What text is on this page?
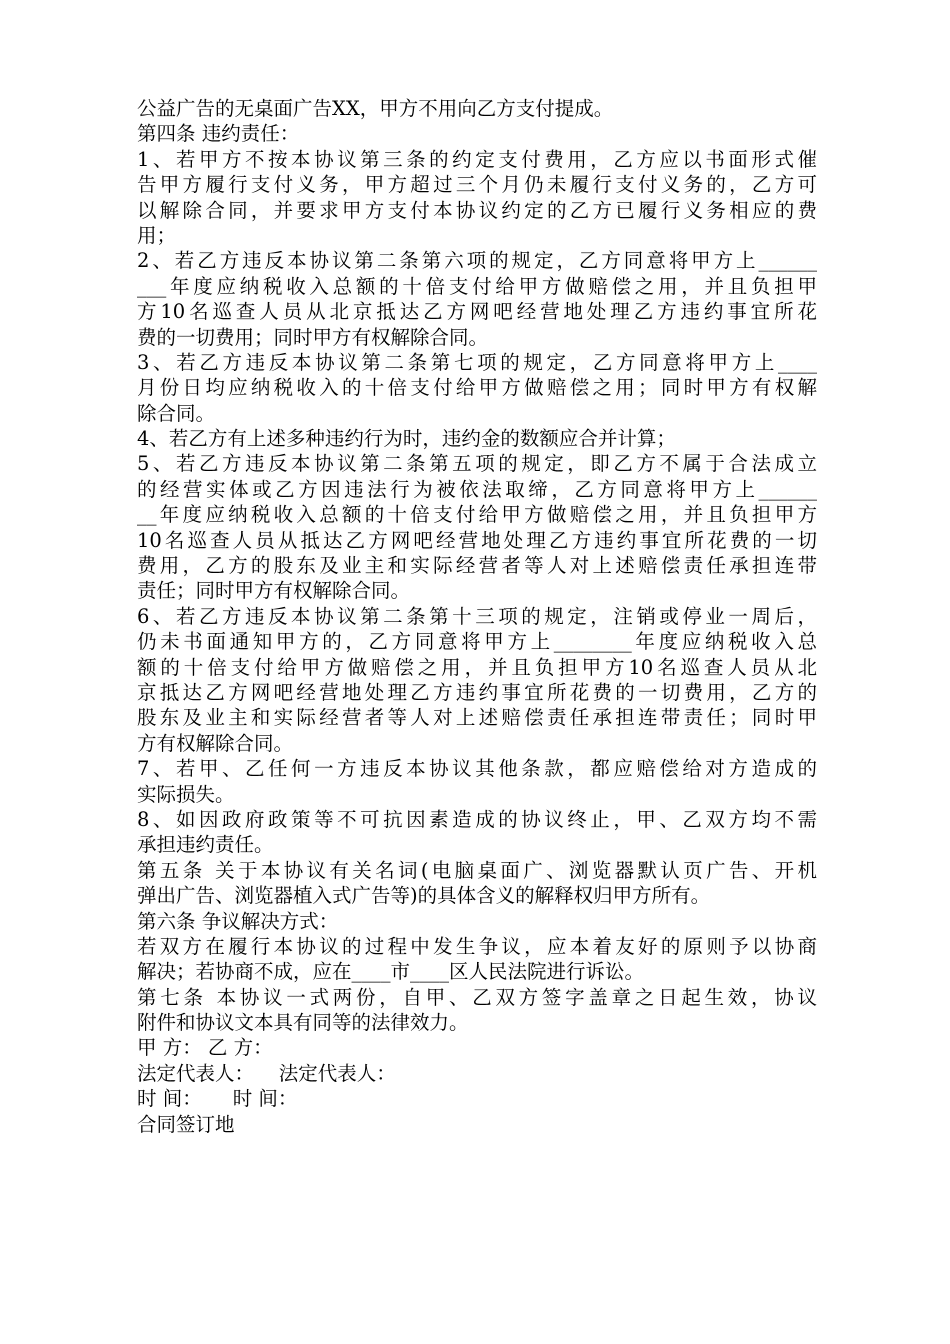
公益广告的无桌面广告XX，甲方不用向乙方支付提成。
第四条 违约责任：
1、若甲方不按本协议第三条的约定支付费用，乙方应以书面形式催
告甲方履行支付义务，甲方超过三个月仍未履行支付义务的，乙方可
以解除合同，并要求甲方支付本协议约定的乙方已履行义务相应的费
用；
2、若乙方违反本协议第二条第六项的规定，乙方同意将甲方上______
___年度应纳税收入总额的十倍支付给甲方做赔偿之用，并且负担甲
方10名巡查人员从北京抵达乙方网吧经营地处理乙方违约事宜所花
费的一切费用；同时甲方有权解除合同。
3、若乙方违反本协议第二条第七项的规定，乙方同意将甲方上____
月份日均应纳税收入的十倍支付给甲方做赔偿之用；同时甲方有权解
除合同。
4、若乙方有上述多种违约行为时，违约金的数额应合并计算；
5、若乙方违反本协议第二条第五项的规定，即乙方不属于合法成立
的经营实体或乙方因违法行为被依法取缔，乙方同意将甲方上______
__年度应纳税收入总额的十倍支付给甲方做赔偿之用，并且负担甲方
10名巡查人员从抵达乙方网吧经营地处理乙方违约事宜所花费的一切
费用，乙方的股东及业主和实际经营者等人对上述赔偿责任承担连带
责任；同时甲方有权解除合同。
6、若乙方违反本协议第二条第十三项的规定，注销或停业一周后，
仍未书面通知甲方的，乙方同意将甲方上________年度应纳税收入总
额的十倍支付给甲方做赔偿之用，并且负担甲方10名巡查人员从北
京抵达乙方网吧经营地处理乙方违约事宜所花费的一切费用，乙方的
股东及业主和实际经营者等人对上述赔偿责任承担连带责任；同时甲
方有权解除合同。
7、若甲、乙任何一方违反本协议其他条款，都应赔偿给对方造成的
实际损失。
8、如因政府政策等不可抗因素造成的协议终止，甲、乙双方均不需
承担违约责任。
第五条 关于本协议有关名词(电脑桌面广、浏览器默认页广告、开机
弹出广告、浏览器植入式广告等)的具体含义的解释权归甲方所有。
第六条 争议解决方式：
若双方在履行本协议的过程中发生争议，应本着友好的原则予以协商
解决；若协商不成，应在____市____区人民法院进行诉讼。
第七条 本协议一式两份，自甲、乙双方签字盖章之日起生效，协议
附件和协议文本具有同等的法律效力。
甲 方： 乙 方：
法定代表人：    法定代表人：
时 间：     时 间：
合同签订地
